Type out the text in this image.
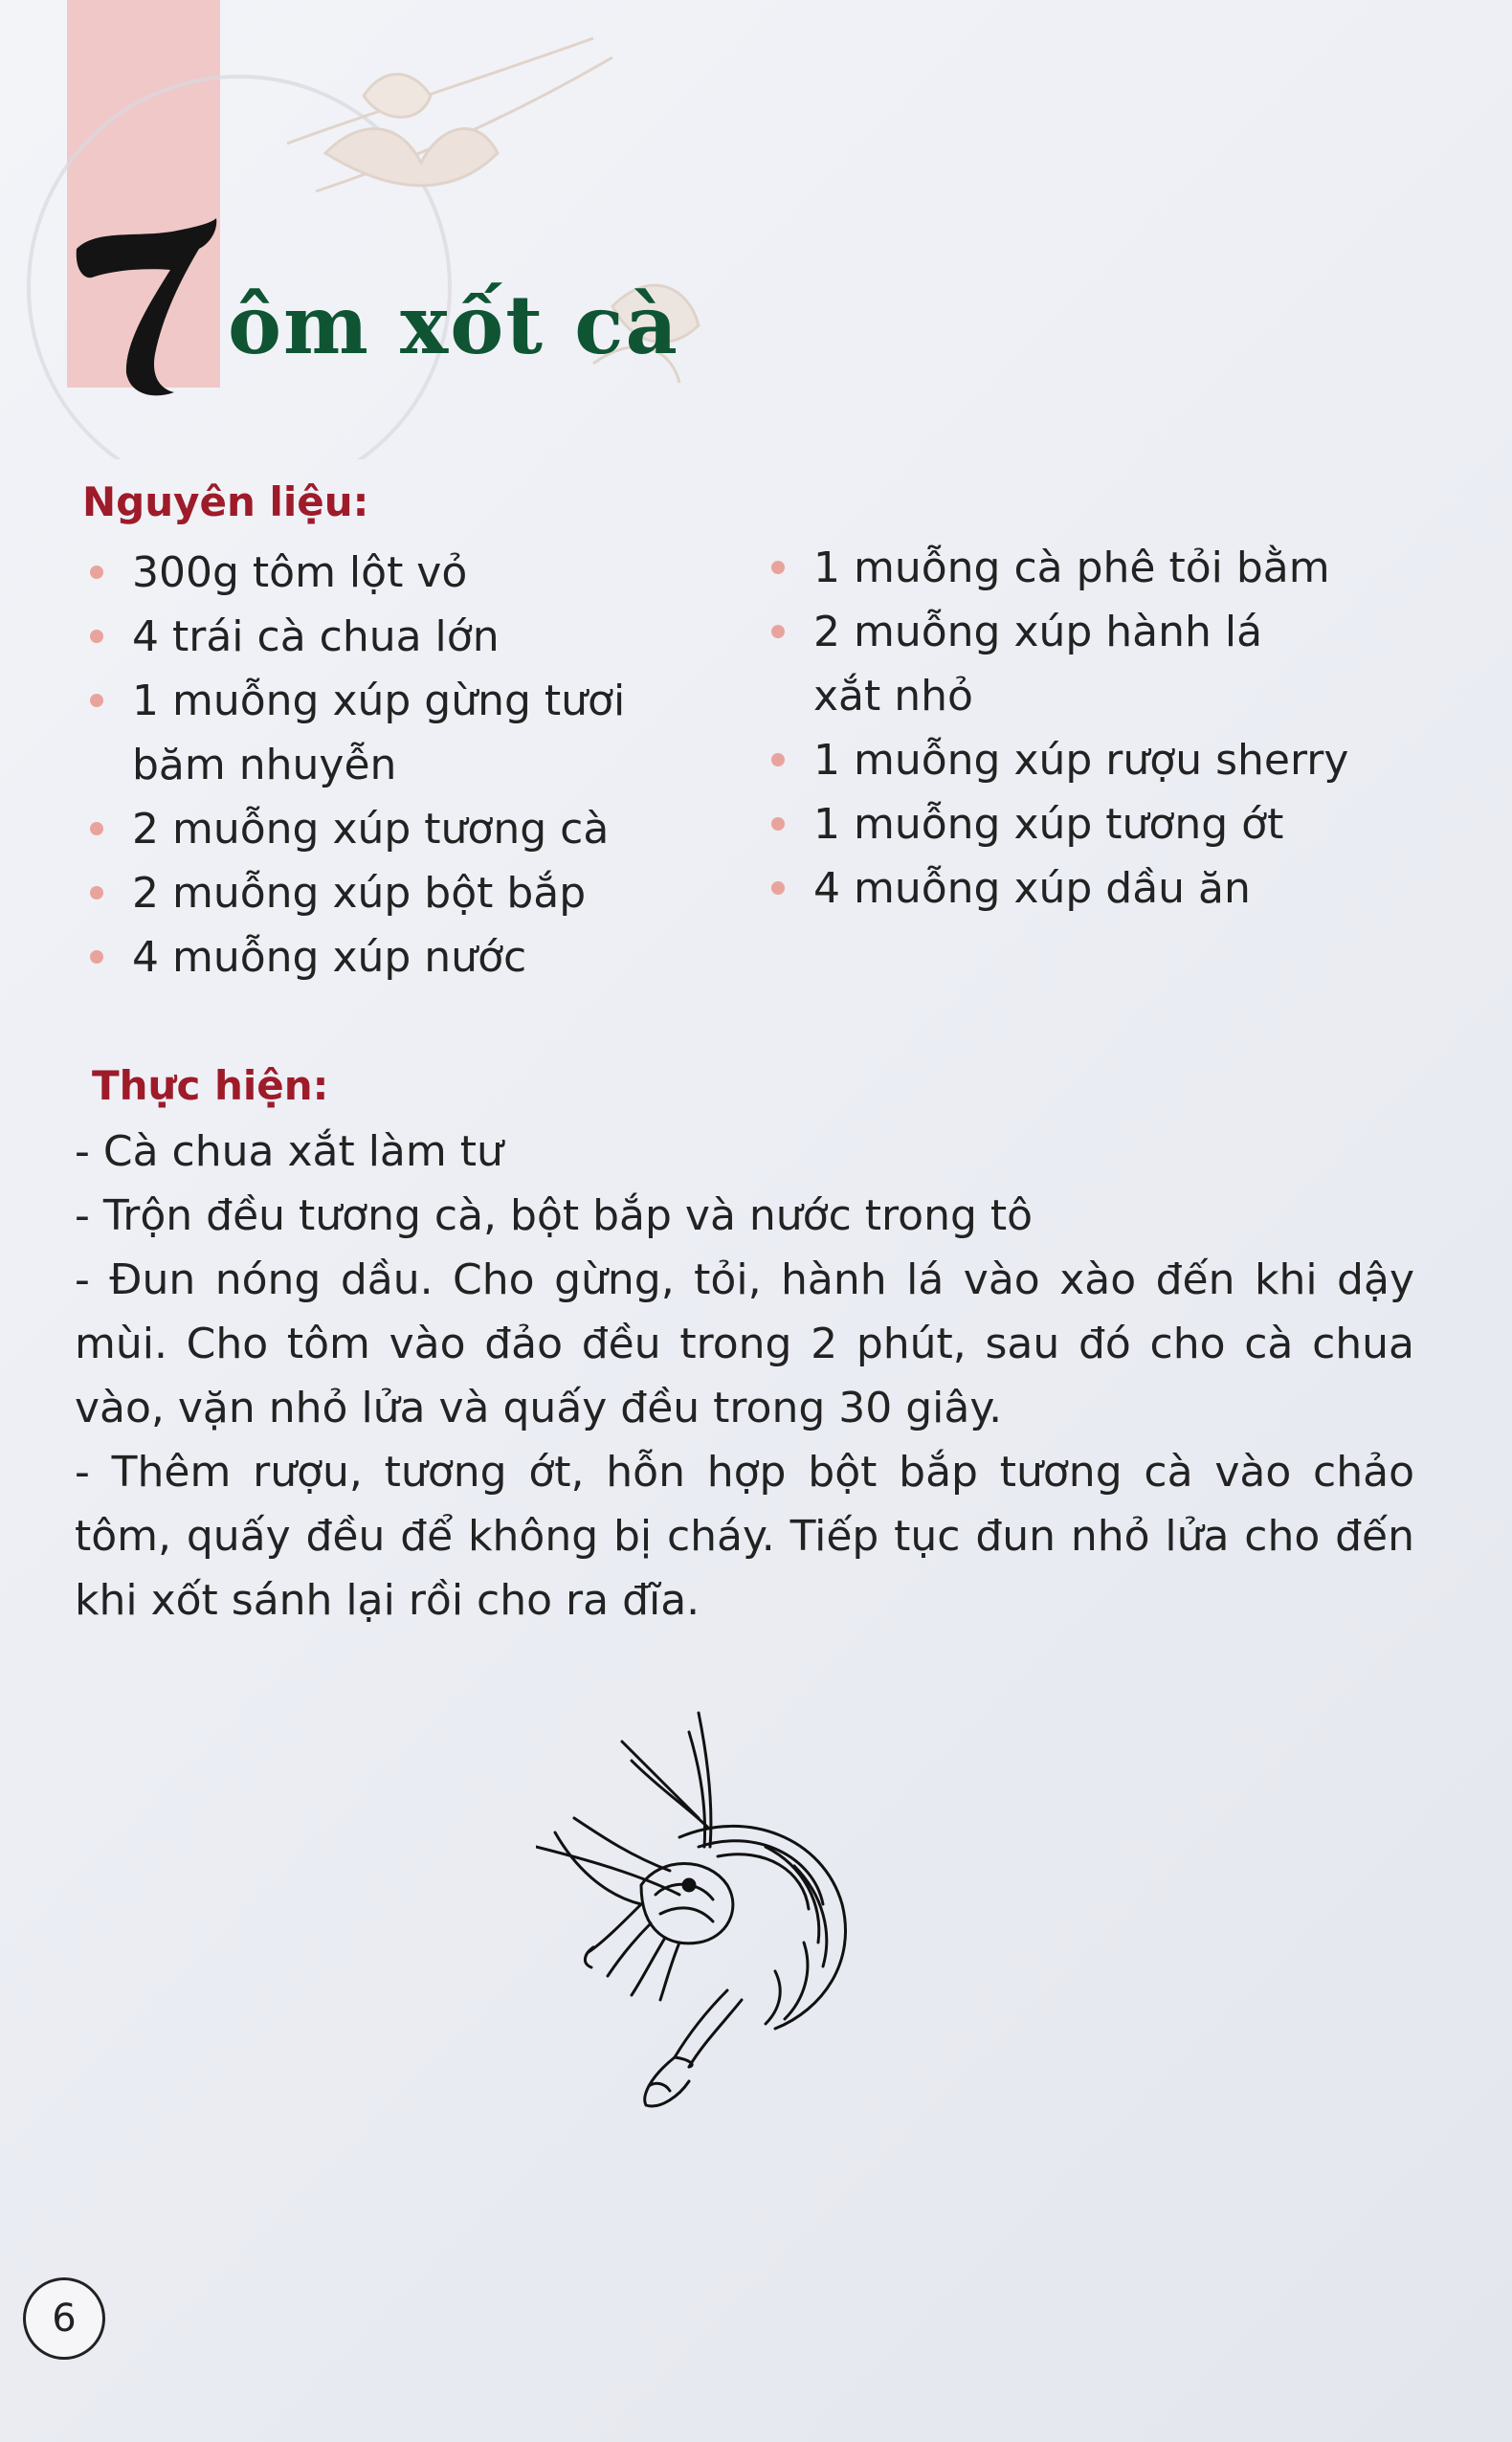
ôm xốt cà
Nguyên liệu:
300g tôm lột vỏ
4 trái cà chua lớn
1 muỗng xúp gừng tươi
băm nhuyễn
2 muỗng xúp tương cà
2 muỗng xúp bột bắp
4 muỗng xúp nước
1 muỗng cà phê tỏi bằm
2 muỗng xúp hành lá
xắt nhỏ
1 muỗng xúp rượu sherry
1 muỗng xúp tương ớt
4 muỗng xúp dầu ăn
Thực hiện:

- Cà chua xắt làm tư

- Trộn đều tương cà, bột bắp và nước trong tô

- Đun nóng dầu. Cho gừng, tỏi, hành lá vào xào đến khi dậy mùi. Cho tôm vào đảo đều trong 2 phút, sau đó cho cà chua vào, vặn nhỏ lửa và quấy đều trong 30 giây.

- Thêm rượu, tương ớt, hỗn hợp bột bắp tương cà vào chảo tôm, quấy đều để không bị cháy. Tiếp tục đun nhỏ lửa cho đến khi xốt sánh lại rồi cho ra đĩa.

6
